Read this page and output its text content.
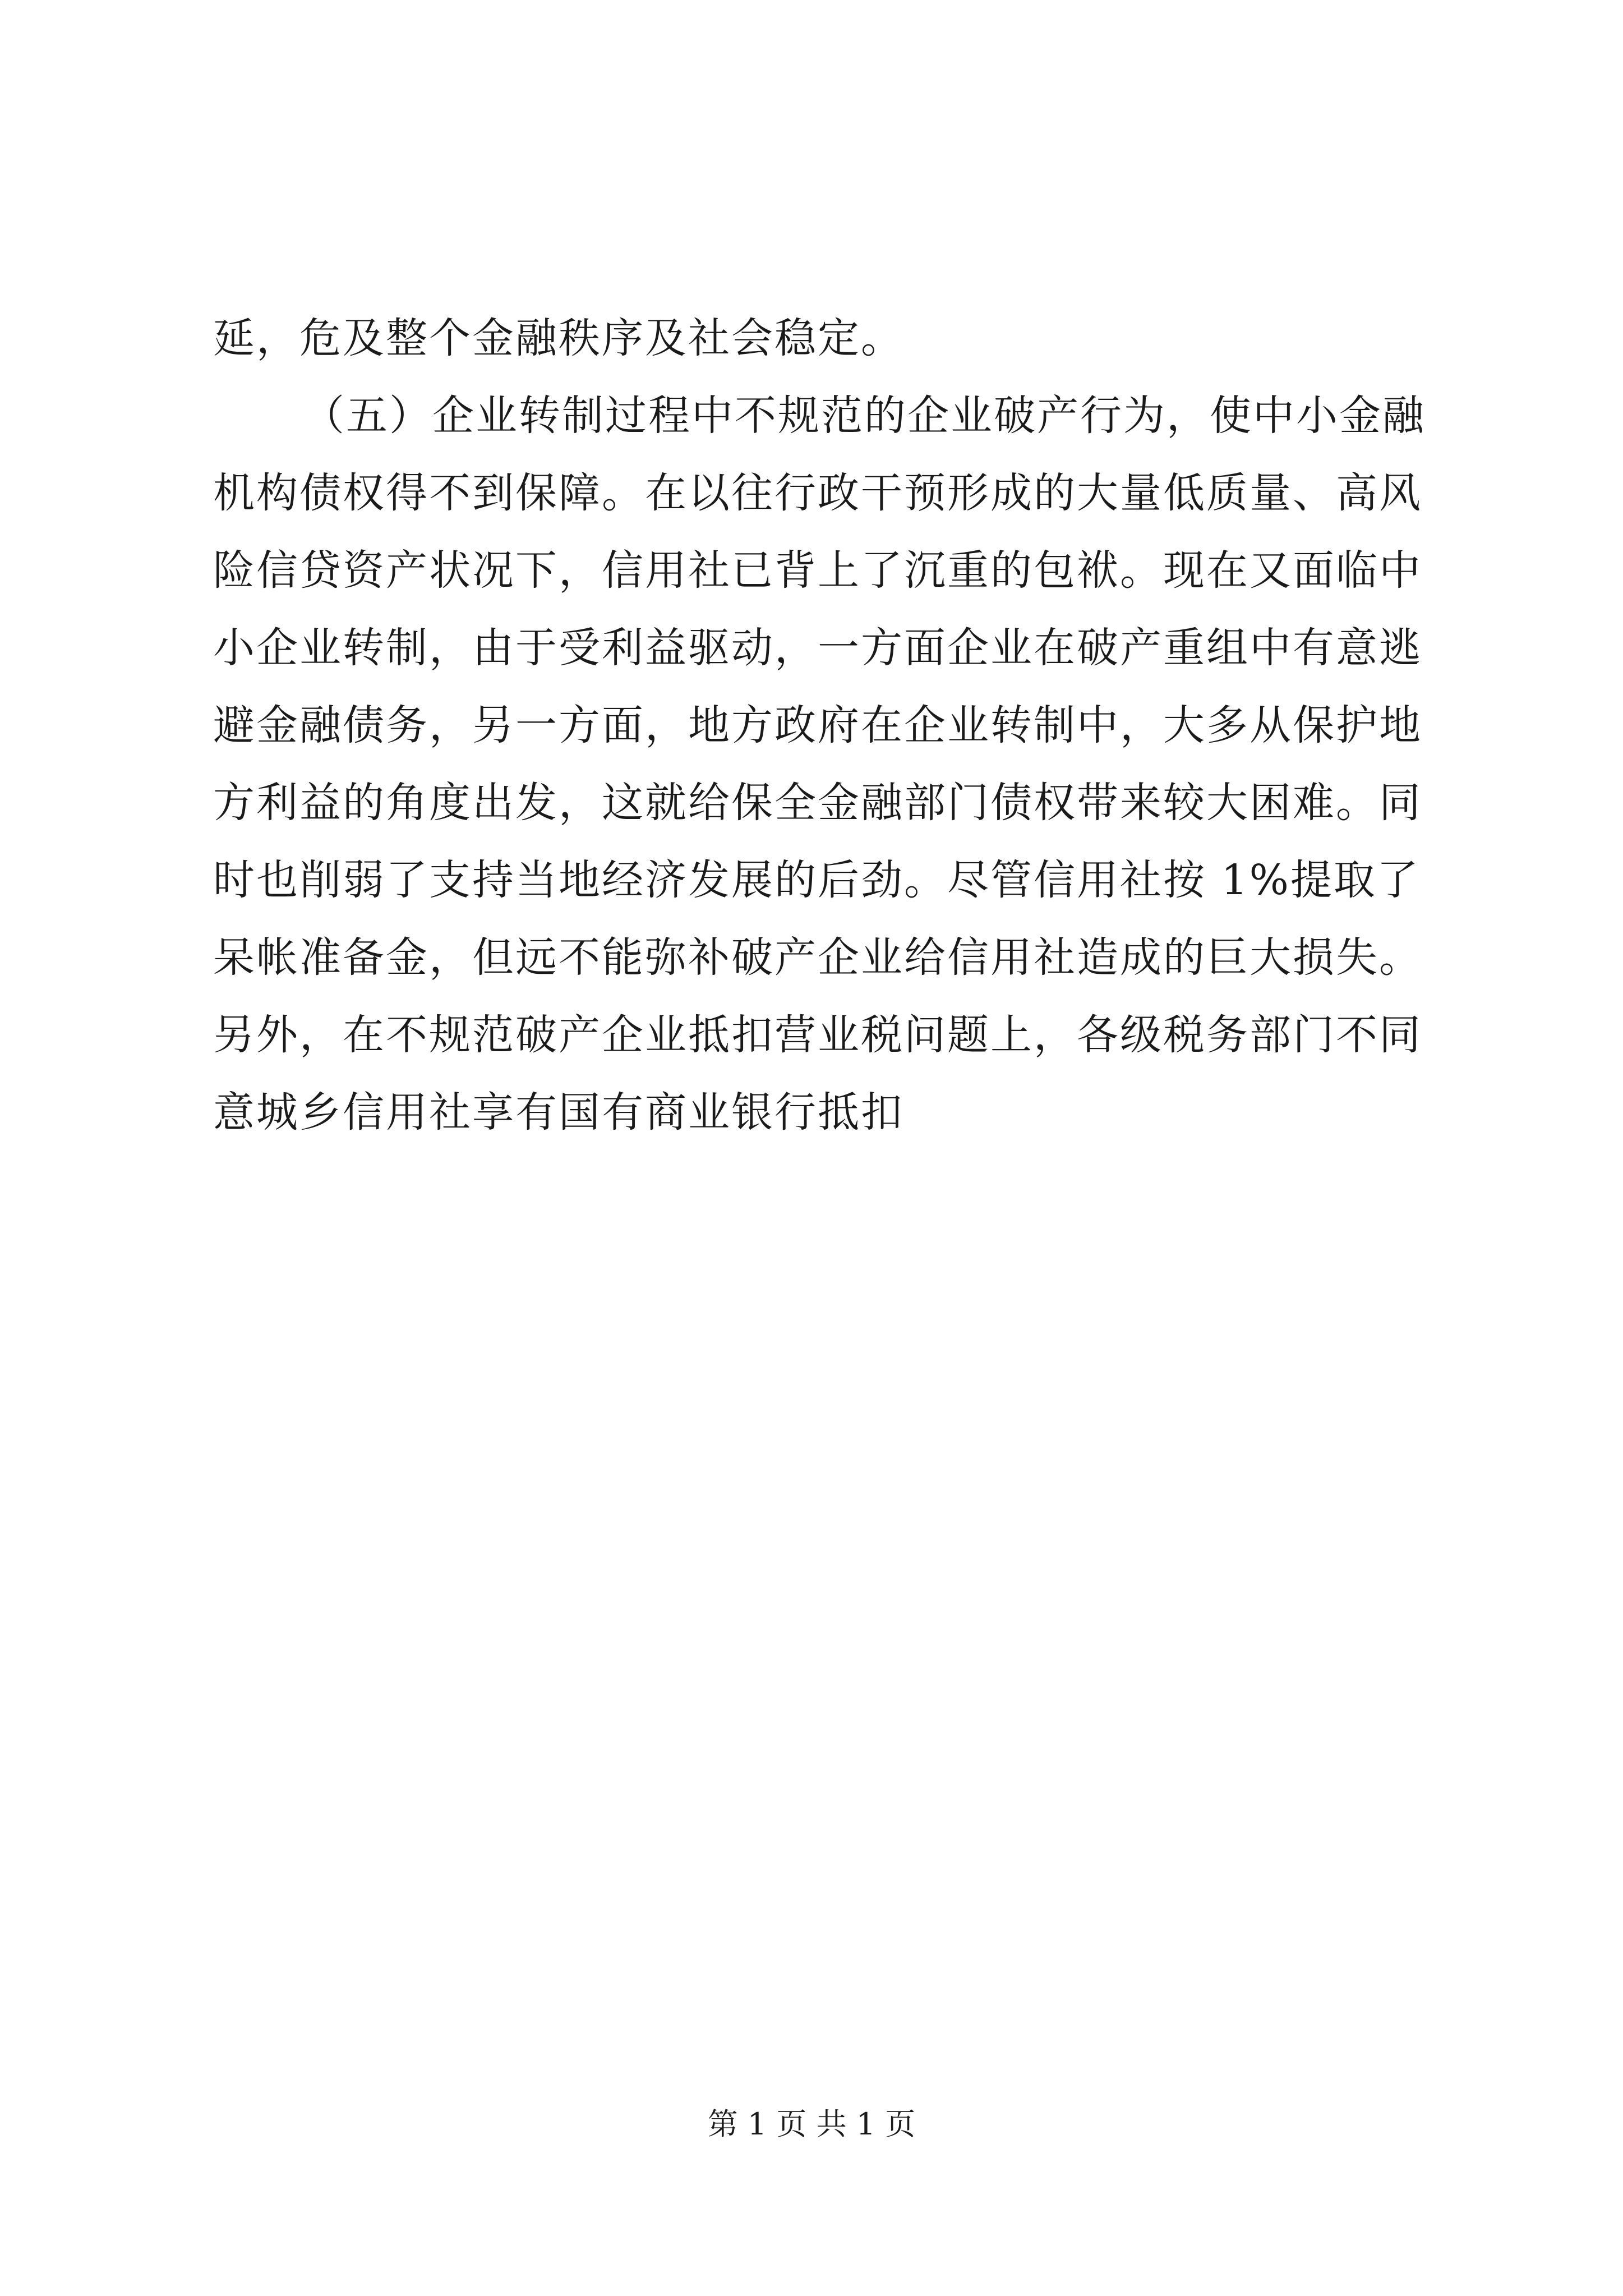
延，危及整个金融秩序及社会稳定。
（五）企业转制过程中不规范的企业破产行为，使中小金融
机构债权得不到保障。在以往行政干预形成的大量低质量、高风
险信贷资产状况下，信用社已背上了沉重的包袱。现在又面临中
小企业转制，由于受利益驱动，一方面企业在破产重组中有意逃
避金融债务，另一方面，地方政府在企业转制中，大多从保护地
方利益的角度出发，这就给保全金融部门债权带来较大困难。同
时也削弱了支持当地经济发展的后劲。尽管信用社按 1%提取了
呆帐准备金，但远不能弥补破产企业给信用社造成的巨大损失。
另外，在不规范破产企业抵扣营业税问题上，各级税务部门不同
意城乡信用社享有国有商业银行抵扣
第 1 页 共 1 页
